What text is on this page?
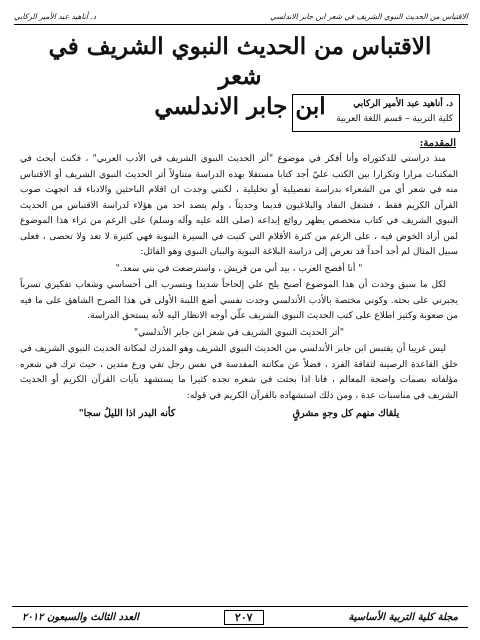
د. أناهيد عبد الأمير الركابي	الاقتباس من الحديث النبوي الشريف في شعر ابن جابر الاندلسي
الاقتباس من الحديث النبوي الشريف في شعر
ابن جابر الاندلسي	د. أناهيد عبد الأمير الركابي
كلية التربية – قسم اللغة العربية
المقدمة:

منذ دراستي للدكتوراه وأنا أفكر في موضوع "أثر الحديث النبوي الشريف في الأدب العربي" ، فكنت أبحث في المكتبات مرارا وتكرارا بين الكتب عليّ أجد كتابا مستقلا بهذه الدراسة متناولاً أثر الحديث النبوي الشريف أو الاقتباس منه في شعر أي من الشعراء بدراسة تفصيلية أو تحليلية ، لكنني وجدت ان اقلام الباحثين والادباء قد اتجهت صوب القرآن الكريم فقط ، فشغل النقاد والبلاغيون قديما وحديثاً ، ولم يتصد احد من هؤلاء لدراسة الاقتباس من الحديث النبوي الشريف في كتاب متخصص يظهر روائع إبداعه (صلى الله عليه وآله وسلم) على الرغم من ثراء هذا الموضوع لمن أراد الخوض فيه ، على الرغم من كثرة الأقلام التي كتبت في السيرة النبوية فهي كثيرة لا تعد ولا تحصى ، فعلى سبيل المثال لم أجد أحداً قد تعرض إلى دراسة البلاغة النبوية والبيان النبوي وهو القائل:

" أنا أفصح العرب ، بيد أني من قريش ، واسترضعت في بني سعد."

لكل ما سبق وجدت أن هذا الموضوع أصبح يلح علي إلحاحاً شديدا ويتسرب الى أحساسي وشعاب تفكيري تسرباً يجبرني على بحثه. وكوني مختصة بالأدب الأندلسي وجدت نفسي أضع اللبنة الأولى في هذا الصرح الشاهق على ما فيه من صعوبة وكثير اطلاع على كتب الحديث النبوي الشريف علّي أوجه الانظار اليه لأنه يستحق الدراسة.

"أثر الحديث النبوي الشريف في شعر ابن جابر الأندلسي"

ليس غريبا أن يقتبس ابن جابر الأندلسي من الحديث النبوي الشريف وهو المدرك لمكانة الحديث النبوي الشريف في خلق القاعدة الرصينة لثقافة الفرد ، فضلاً عن مكانته المقدسة في نفس رجل تقي ورع متدين ، حيث ترك في شعره مؤلفاته بصمات واضحة المعالم ، فانا اذا بحثت في شعره تجده كثيرا ما يستشهد بآيات القرآن الكريم أو الحديث الشريف في مناسبات عدة ، ومن ذلك استشهاده بالقرآن الكريم في قوله:

يلقاك منهم كل وجهٍ مشرقٍ
كأنه البدر اذا الليلُ سجا"
العدد الثالث والسبعون ٢٠١٢	٢٠٧	مجلة كلية التربية الأساسية
